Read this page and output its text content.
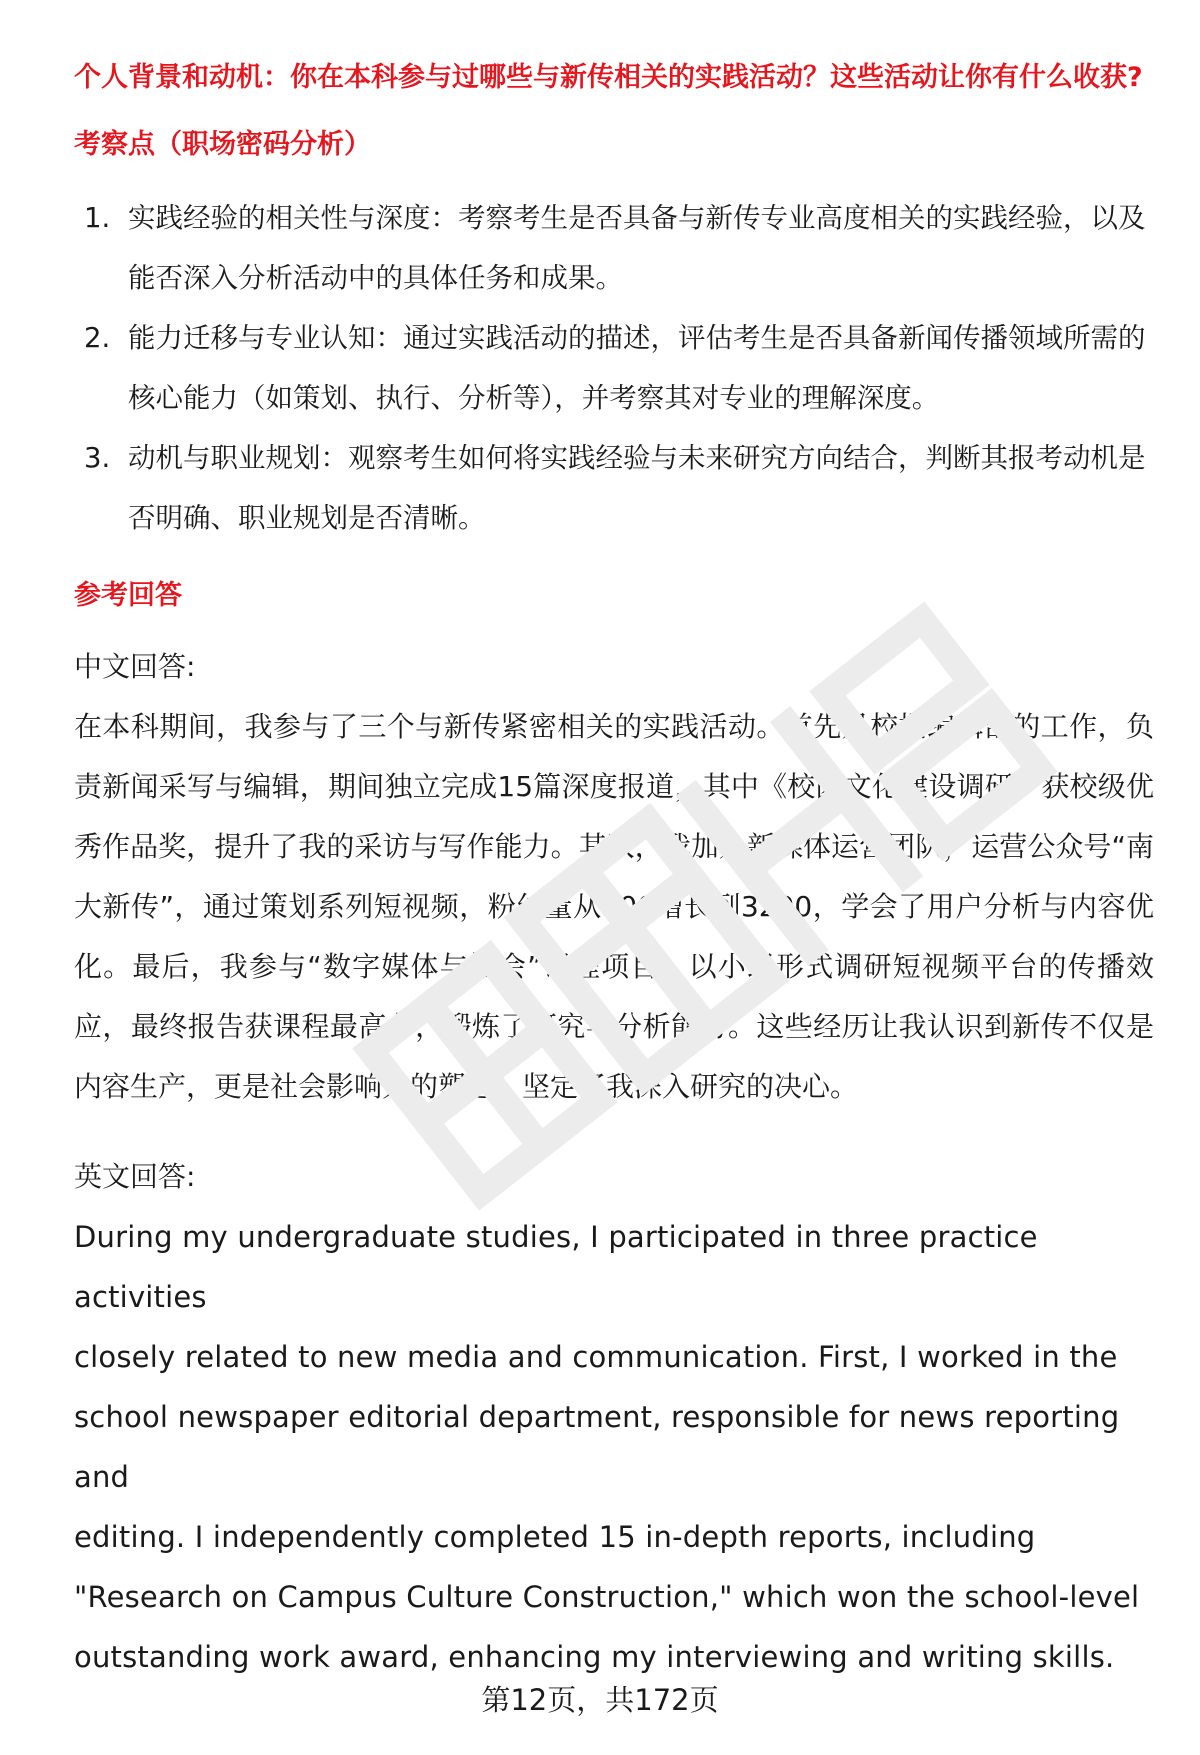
个人背景和动机：你在本科参与过哪些与新传相关的实践活动？这些活动让你有什么收获?

考察点（职场密码分析）

1. 实践经验的相关性与深度：考察考生是否具备与新传专业高度相关的实践经验，以及能否深入分析活动中的具体任务和成果。
2. 能力迁移与专业认知：通过实践活动的描述，评估考生是否具备新闻传播领域所需的核心能力（如策划、执行、分析等），并考察其对专业的理解深度。
3. 动机与职业规划：观察考生如何将实践经验与未来研究方向结合，判断其报考动机是否明确、职业规划是否清晰。

参考回答

中文回答:

在本科期间，我参与了三个与新传紧密相关的实践活动。首先是校报编辑部的工作，负责新闻采写与编辑，期间独立完成15篇深度报道，其中《校园文化建设调研》获校级优秀作品奖，提升了我的采访与写作能力。其次，我加入新媒体运营团队，运营公众号“南大新传”，通过策划系列短视频，粉丝量从500增长到3200，学会了用户分析与内容优化。最后，我参与“数字媒体与社会”课程项目，以小组形式调研短视频平台的传播效应，最终报告获课程最高分，锻炼了研究与分析能力。这些经历让我认识到新传不仅是内容生产，更是社会影响力的塑造，坚定了我深入研究的决心。

英文回答:

During my undergraduate studies, I participated in three practice activities

closely related to new media and communication. First, I worked in the

school newspaper editorial department, responsible for news reporting and

editing. I independently completed 15 in-depth reports, including

"Research on Campus Culture Construction," which won the school-level

outstanding work award, enhancing my interviewing and writing skills.

第12页，共172页
